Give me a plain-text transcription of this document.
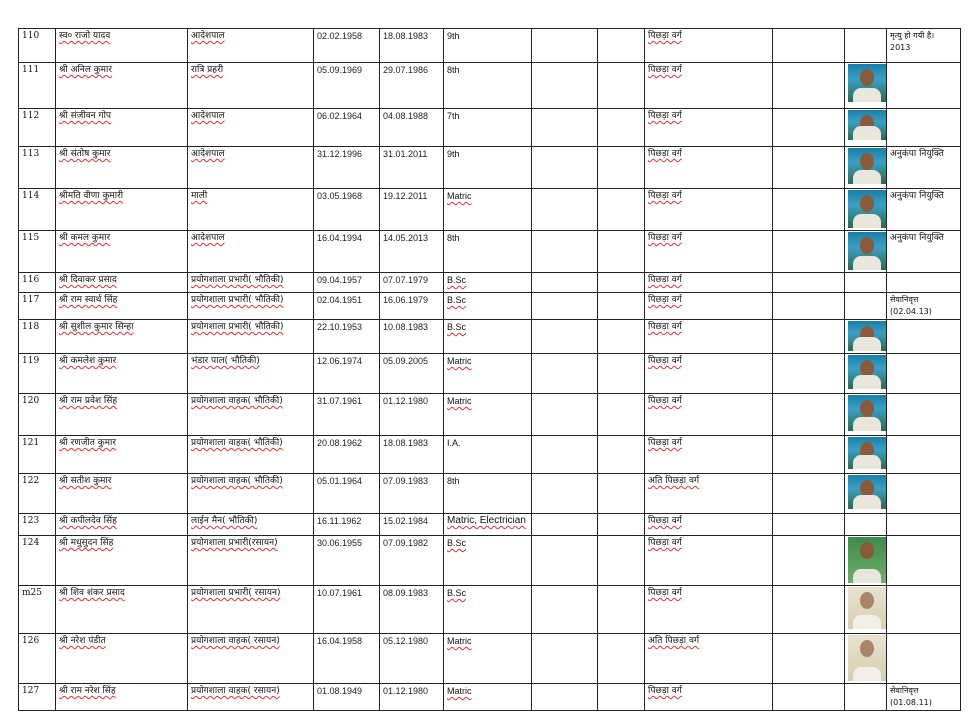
110	स्व० राजो यादव	आदेशपाल	02.02.1958	18.08.1983	9th			पिछड़ा वर्ग			मृत्यु हो गयी है। 2013
111	श्री अनिल कुमार	रात्रि प्रहरी	05.09.1969	29.07.1986	8th			पिछड़ा वर्ग		

112	श्री संजीवन गोप	आदेशपाल	06.02.1964	04.08.1988	7th			पिछड़ा वर्ग		

113	श्री संतोष कुमार	आदेशपाल	31.12.1996	31.01.2011	9th			पिछड़ा वर्ग			अनुकंपा नियुक्ति
114	श्रीमति वीणा कुमारी	माली	03.05.1968	19.12.2011	Matric			पिछड़ा वर्ग			अनुकंपा नियुक्ति
115	श्री कमल कुमार	आदेशपाल	16.04.1994	14.05.2013	8th			पिछड़ा वर्ग			अनुकंपा नियुक्ति
116	श्री दिवाकर प्रसाद	प्रयोगशाला प्रभारी( भौतिकी)	09.04.1957	07.07.1979	B.Sc			पिछड़ा वर्ग			
117	श्री राम स्वार्थ सिंह	प्रयोगशाला प्रभारी( भौतिकी)	02.04.1951	16.06.1979	B.Sc			पिछड़ा वर्ग			सेवानिवृत्त (02.04.13)
118	श्री सुशील कुमार सिन्हा	प्रयोगशाला प्रभारी( भौतिकी)	22.10.1953	10.08.1983	B.Sc			पिछड़ा वर्ग		

119	श्री कमलेश कुमार	भंडार पाल( भौतिकी)	12.06.1974	05.09.2005	Matric			पिछड़ा वर्ग		

120	श्री राम प्रवेश सिंह	प्रयोगशाला वाहक( भौतिकी)	31.07.1961	01.12.1980	Matric			पिछड़ा वर्ग		

121	श्री रणजीत कुमार	प्रयोगशाला वाहक( भौतिकी)	20.08.1962	18.08.1983	I.A.			पिछड़ा वर्ग		

122	श्री सतीश कुमार	प्रयोगशाला वाहक( भौतिकी)	05.01.1964	07.09.1983	8th			अति पिछड़ा वर्ग		

123	श्री कपीलदेव सिंह	लाईन मैन( भौतिकी)	16.11.1962	15.02.1984	Matric, Electrician			पिछड़ा वर्ग			
124	श्री मधुसुदन सिंह	प्रयोगशाला प्रभारी(रसायन)	30.06.1955	07.09.1982	B.Sc			पिछड़ा वर्ग		

m25	श्री शिव शंकर प्रसाद	प्रयोगशाला प्रभारी( रसायन)	10.07.1961	08.09.1983	B.Sc			पिछड़ा वर्ग		

126	श्री नरेश पंडीत	प्रयोगशाला वाहक( रसायन)	16.04.1958	05.12.1980	Matric			अति पिछड़ा वर्ग		

127	श्री राम नरेश सिंह	प्रयोगशाला वाहक( रसायन)	01.08.1949	01.12.1980	Matric			पिछड़ा वर्ग			सेवानिवृत्त (01.08.11)
